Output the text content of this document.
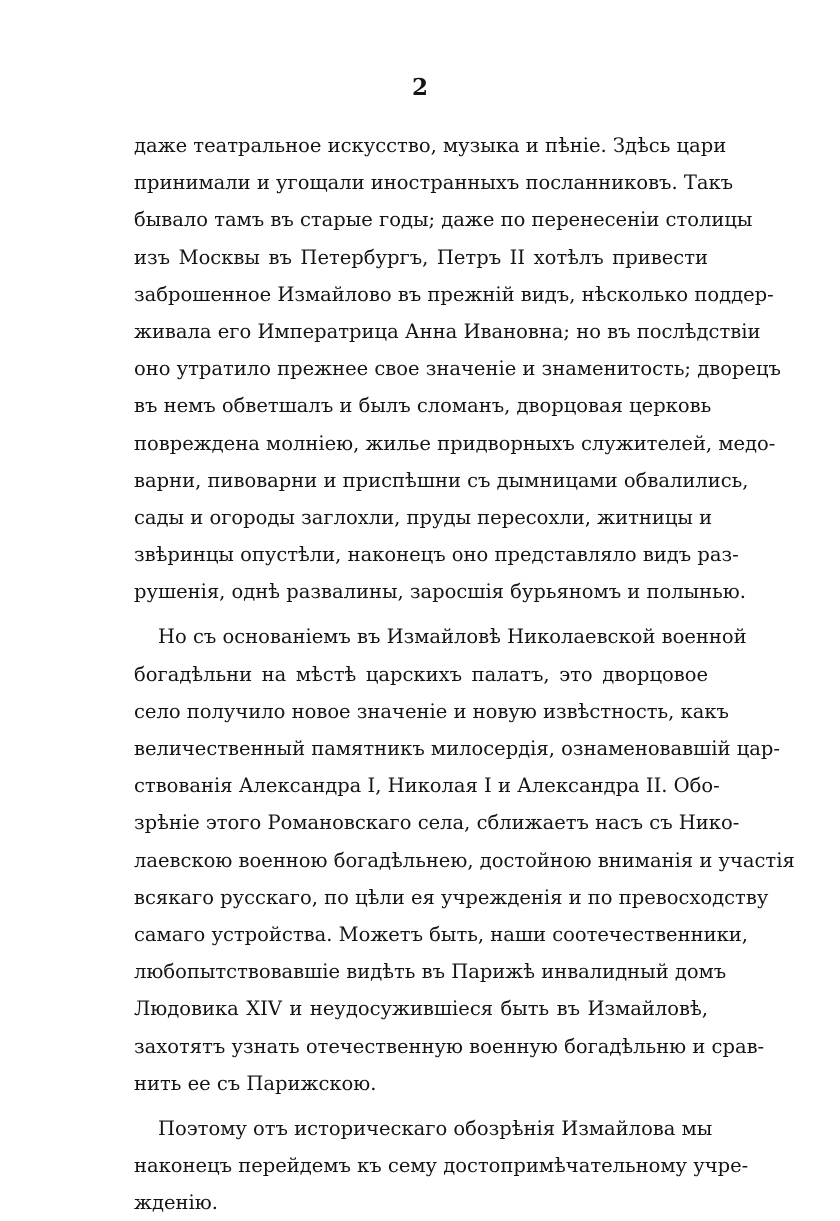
2
даже театральное искусство, музыка и пѣніе. Здѣсь цари
принимали и угощали иностранныхъ посланниковъ. Такъ
бывало тамъ въ старые годы; даже по перенесеніи столицы
изъ Москвы въ Петербургъ, Петръ II хотѣлъ привести
заброшенное Измайлово въ прежній видъ, нѣсколько поддер-
живала его Императрица Анна Ивановна; но въ послѣдствіи
оно утратило прежнее свое значеніе и знаменитость; дворецъ
въ немъ обветшалъ и былъ сломанъ, дворцовая церковь
повреждена молніею, жилье придворныхъ служителей, медо-
варни, пивоварни и приспѣшни съ дымницами обвалились,
сады и огороды заглохли, пруды пересохли, житницы и
звѣринцы опустѣли, наконецъ оно представляло видъ раз-
рушенія, однѣ развалины, заросшія бурьяномъ и полынью.
Но съ основаніемъ въ Измайловѣ Николаевской военной
богадѣльни на мѣстѣ царскихъ палатъ, это дворцовое
село получило новое значеніе и новую извѣстность, какъ
величественный памятникъ милосердія, ознаменовавшій цар-
ствованія Александра I, Николая I и Александра II. Обо-
зрѣніе этого Романовскаго села, сближаетъ насъ съ Нико-
лаевскою военною богадѣльнею, достойною вниманія и участія
всякаго русскаго, по цѣли ея учрежденія и по превосходству
самаго устройства. Можетъ быть, наши соотечественники,
любопытствовавшіе видѣть въ Парижѣ инвалидный домъ
Людовика XIV и неудосужившіеся быть въ Измайловѣ,
захотятъ узнать отечественную военную богадѣльню и срав-
нить ее съ Парижскою.
Поэтому отъ историческаго обозрѣнія Измайлова мы
наконецъ перейдемъ къ сему достопримѣчательному учре-
жденію.
